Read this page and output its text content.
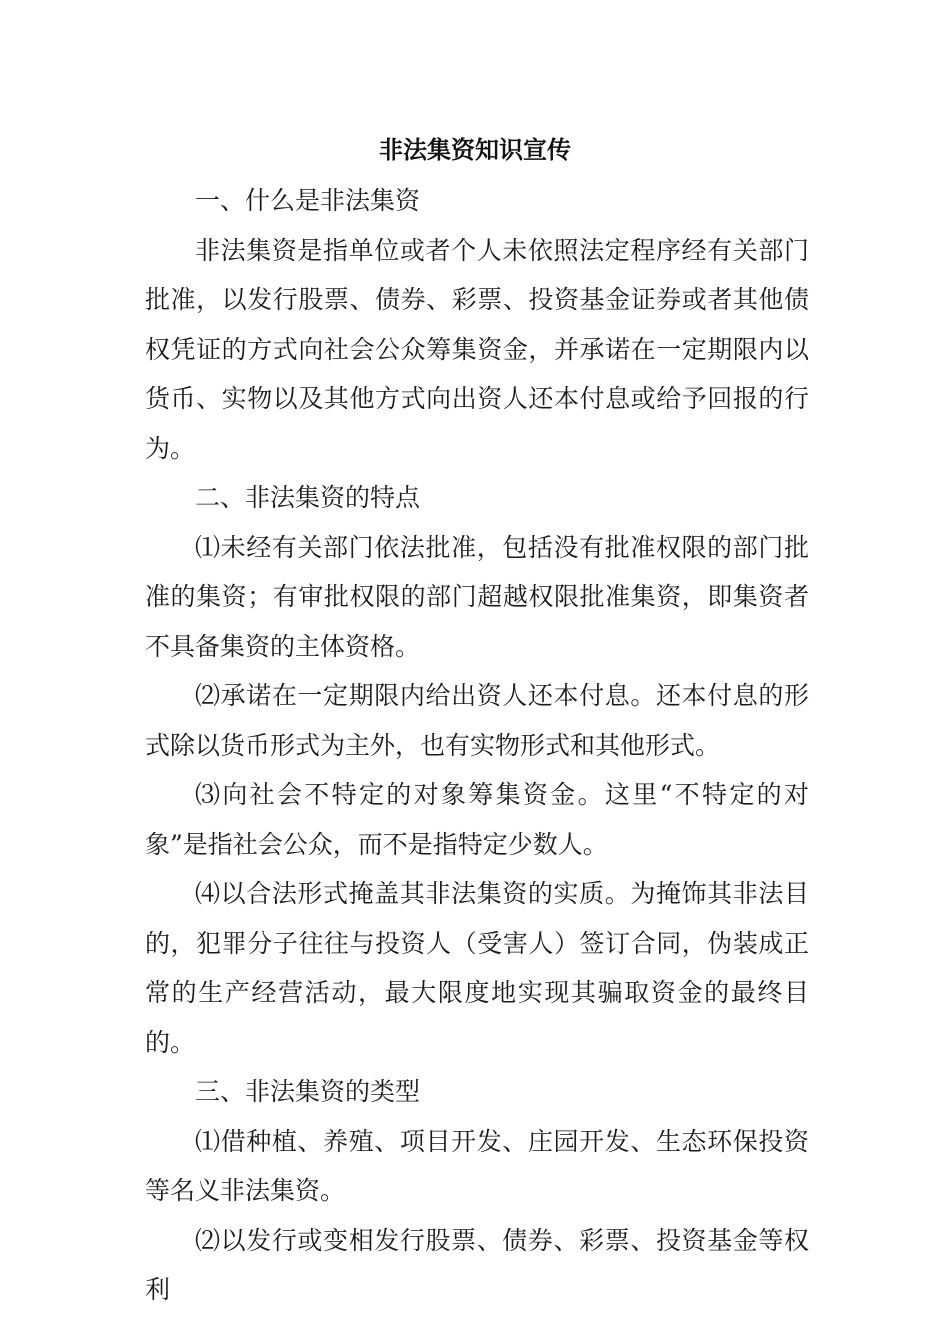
非法集资知识宣传

一、什么是非法集资

非法集资是指单位或者个人未依照法定程序经有关部门批准，以发行股票、债券、彩票、投资基金证券或者其他债权凭证的方式向社会公众筹集资金，并承诺在一定期限内以货币、实物以及其他方式向出资人还本付息或给予回报的行为。

二、非法集资的特点

⑴未经有关部门依法批准，包括没有批准权限的部门批准的集资；有审批权限的部门超越权限批准集资，即集资者不具备集资的主体资格。

⑵承诺在一定期限内给出资人还本付息。还本付息的形式除以货币形式为主外，也有实物形式和其他形式。

⑶向社会不特定的对象筹集资金。这里“不特定的对象”是指社会公众，而不是指特定少数人。

⑷以合法形式掩盖其非法集资的实质。为掩饰其非法目的，犯罪分子往往与投资人（受害人）签订合同，伪装成正常的生产经营活动，最大限度地实现其骗取资金的最终目的。

三、非法集资的类型

⑴借种植、养殖、项目开发、庄园开发、生态环保投资等名义非法集资。

⑵以发行或变相发行股票、债券、彩票、投资基金等权利
